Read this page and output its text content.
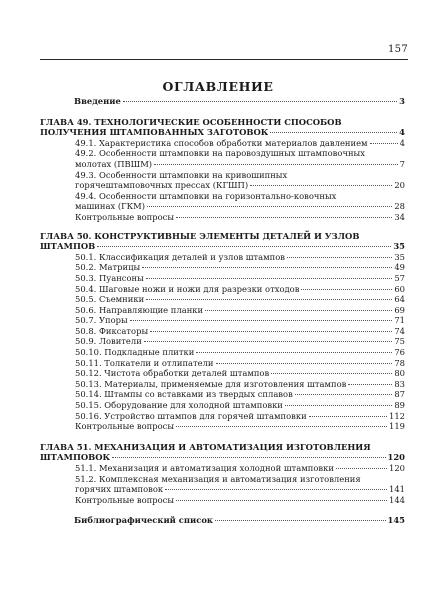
157
ОГЛАВЛЕНИЕ
Введение	3
ГЛАВА 49. ТЕХНОЛОГИЧЕСКИЕ ОСОБЕННОСТИ СПОСОБОВ
ПОЛУЧЕНИЯ ШТАМПОВАННЫХ ЗАГОТОВОК	4
49.1. Характеристика способов обработки материалов давлением	4
49.2. Особенности штамповки на паровоздушных штамповочных
молотах (ПВШМ)	7
49.3. Особенности штамповки на кривошипных
горячештамповочных прессах (КГШП)	20
49.4. Особенности штамповки на горизонтально-ковочных
машинах (ГКМ)	28
Контрольные вопросы	34
ГЛАВА 50. КОНСТРУКТИВНЫЕ ЭЛЕМЕНТЫ ДЕТАЛЕЙ И УЗЛОВ
ШТАМПОВ	35
50.1. Классификация деталей и узлов штампов	35
50.2. Матрицы	49
50.3. Пуансоны	57
50.4. Шаговые ножи и ножи для разрезки отходов	60
50.5. Съемники	64
50.6. Направляющие планки	69
50.7. Упоры	71
50.8. Фиксаторы	74
50.9. Ловители	75
50.10. Подкладные плитки	76
50.11. Толкатели и отлипатели	78
50.12. Чистота обработки деталей штампов	80
50.13. Материалы, применяемые для изготовления штампов	83
50.14. Штампы со вставками из твердых сплавов	87
50.15. Оборудование для холодной штамповки	89
50.16. Устройство штампов для горячей штамповки	112
Контрольные вопросы	119
ГЛАВА 51. МЕХАНИЗАЦИЯ И АВТОМАТИЗАЦИЯ ИЗГОТОВЛЕНИЯ
ШТАМПОВОК	120
51.1. Механизация и автоматизация холодной штамповки	120
51.2. Комплексная механизация и автоматизация изготовления
горячих штамповок	141
Контрольные вопросы	144
Библиографический список	145
